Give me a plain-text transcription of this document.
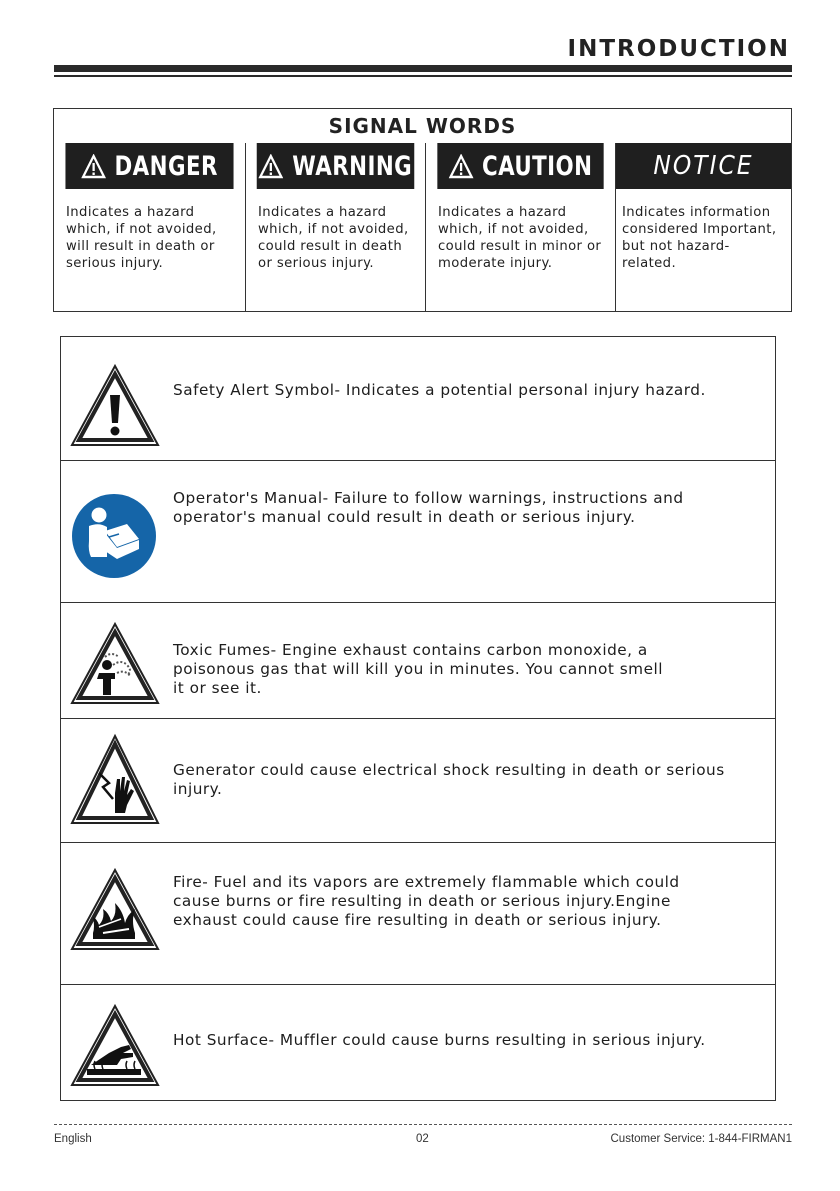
INTRODUCTION
SIGNAL WORDS
DANGER
Indicates a hazard
which, if not avoided,
will result in death or
serious injury.
WARNING
Indicates a hazard
which, if not avoided,
could result in death
or serious injury.
CAUTION
Indicates a hazard
which, if not avoided,
could result in minor or
moderate injury.
NOTICE
Indicates information
considered Important,
but not hazard-related.
Safety Alert Symbol- Indicates a potential personal injury hazard.
Operator's Manual- Failure to follow warnings, instructions and
operator's manual could result in death or serious injury.
Toxic Fumes- Engine exhaust contains carbon monoxide, a
poisonous gas that will kill you in minutes. You cannot smell
it or see it.
Generator could cause electrical shock resulting in death or serious
injury.
Fire- Fuel and its vapors are extremely flammable which could
cause burns or fire resulting in death or serious injury.Engine
exhaust could cause fire resulting in death or serious injury.
Hot Surface- Muffler could cause burns resulting in serious injury.
English	02	Customer Service: 1-844-FIRMAN1
